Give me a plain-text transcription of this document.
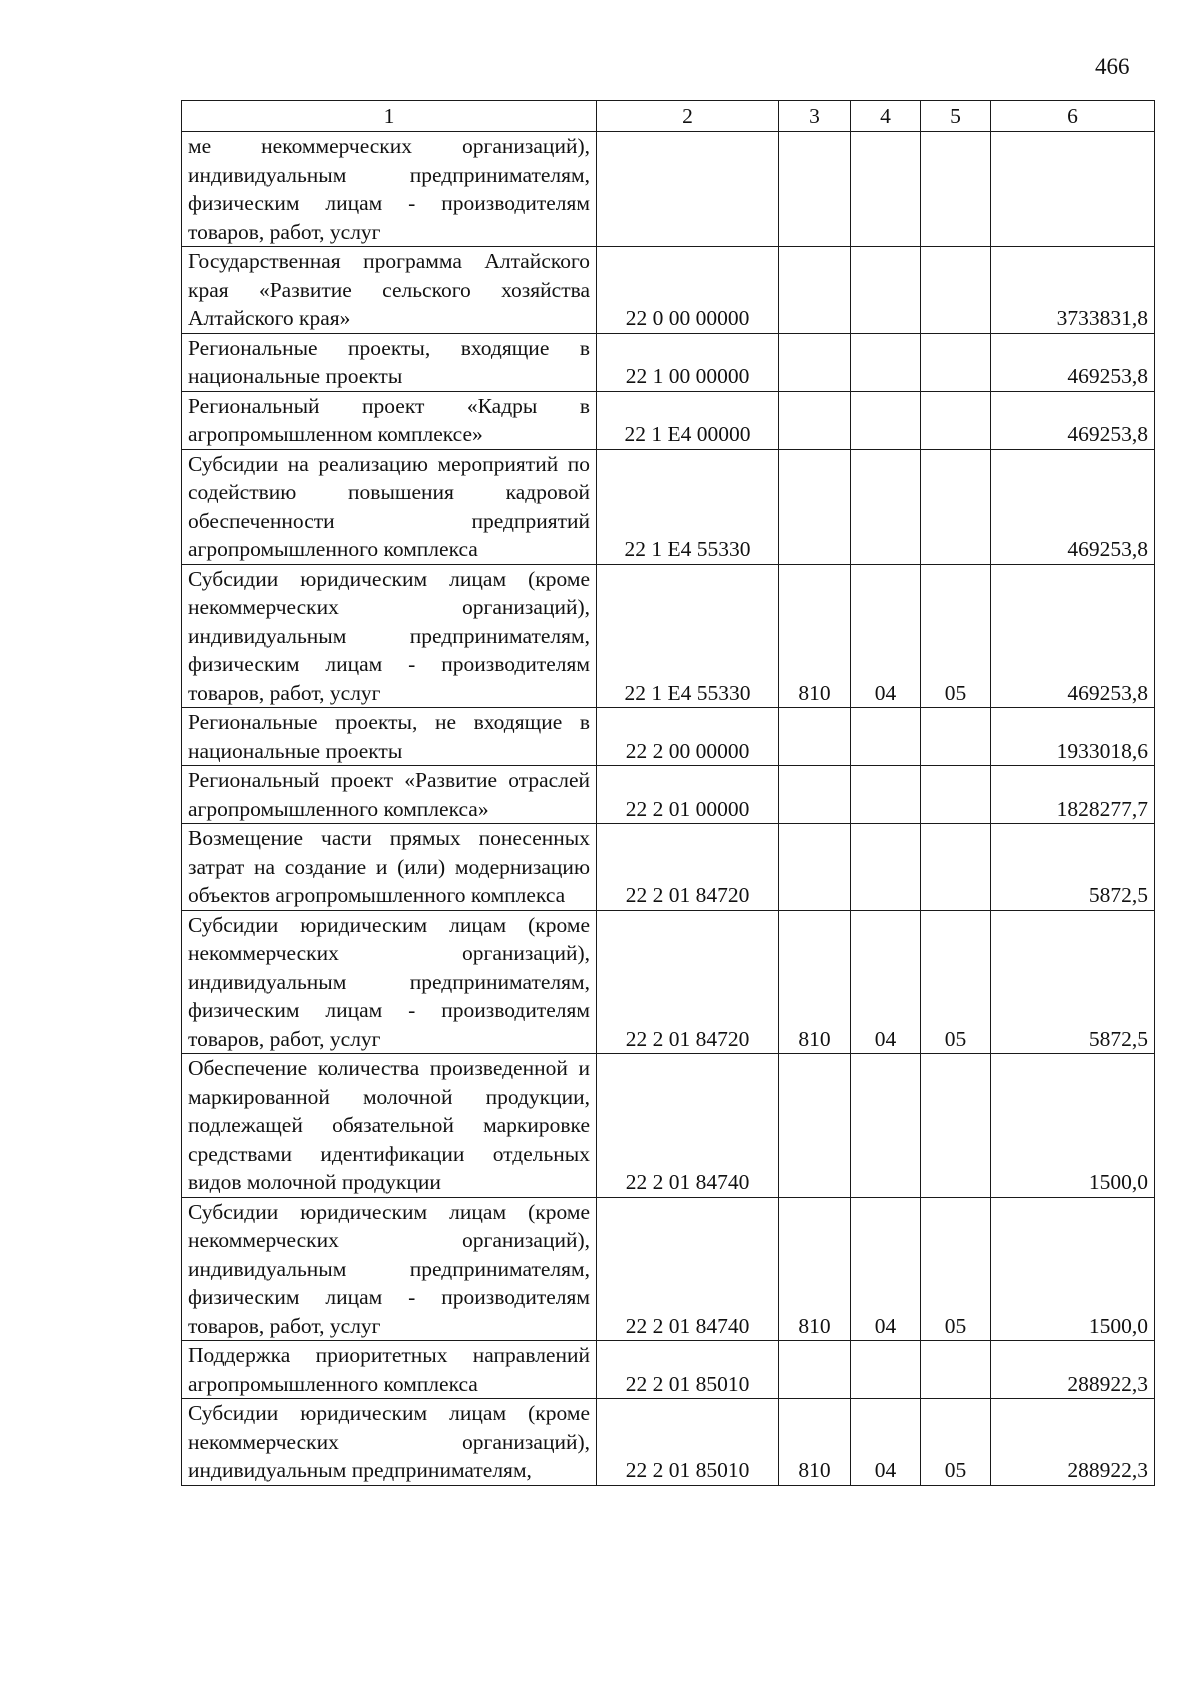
466
1	2	3	4	5	6
ме некоммерческих организаций), индивидуальным предпринимателям, физическим лицам - производителям товаров, работ, услуг					
Государственная программа Алтайского края «Развитие сельского хозяйства Алтайского края»	22 0 00 00000				3733831,8
Региональные проекты, входящие в национальные проекты	22 1 00 00000				469253,8
Региональный проект «Кадры в агропромышленном комплексе»	22 1 E4 00000				469253,8
Субсидии на реализацию мероприятий по содействию повышения кадровой обеспеченности предприятий агропромышленного комплекса	22 1 E4 55330				469253,8
Субсидии юридическим лицам (кроме некоммерческих организаций), индивидуальным предпринимателям, физическим лицам - производителям товаров, работ, услуг	22 1 E4 55330	810	04	05	469253,8
Региональные проекты, не входящие в национальные проекты	22 2 00 00000				1933018,6
Региональный проект «Развитие отраслей агропромышленного комплекса»	22 2 01 00000				1828277,7
Возмещение части прямых понесенных затрат на создание и (или) модернизацию объектов агропромышленного комплекса	22 2 01 84720				5872,5
Субсидии юридическим лицам (кроме некоммерческих организаций), индивидуальным предпринимателям, физическим лицам - производителям товаров, работ, услуг	22 2 01 84720	810	04	05	5872,5
Обеспечение количества произведенной и маркированной молочной продукции, подлежащей обязательной маркировке средствами идентификации отдельных видов молочной продукции	22 2 01 84740				1500,0
Субсидии юридическим лицам (кроме некоммерческих организаций), индивидуальным предпринимателям, физическим лицам - производителям товаров, работ, услуг	22 2 01 84740	810	04	05	1500,0
Поддержка приоритетных направлений агропромышленного комплекса	22 2 01 85010				288922,3
Субсидии юридическим лицам (кроме некоммерческих организаций), индивидуальным предпринимателям,	22 2 01 85010	810	04	05	288922,3
